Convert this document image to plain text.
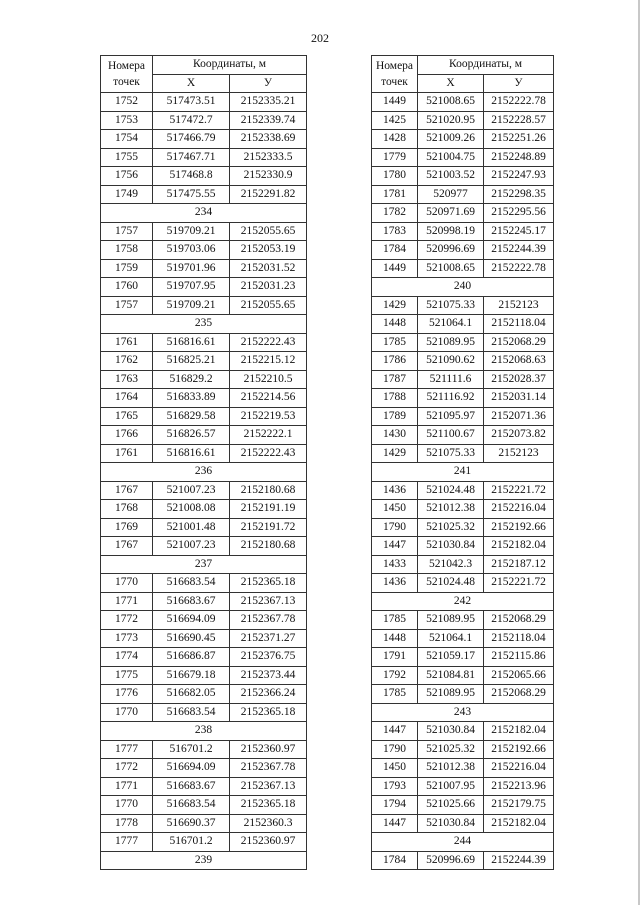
202
Номера точек	Координаты, м	
	X	У
1752	517473.51	2152335.21
1753	517472.7	2152339.74
1754	517466.79	2152338.69
1755	517467.71	2152333.5
1756	517468.8	2152330.9
1749	517475.55	2152291.82
234		
1757	519709.21	2152055.65
1758	519703.06	2152053.19
1759	519701.96	2152031.52
1760	519707.95	2152031.23
1757	519709.21	2152055.65
235		
1761	516816.61	2152222.43
1762	516825.21	2152215.12
1763	516829.2	2152210.5
1764	516833.89	2152214.56
1765	516829.58	2152219.53
1766	516826.57	2152222.1
1761	516816.61	2152222.43
236		
1767	521007.23	2152180.68
1768	521008.08	2152191.19
1769	521001.48	2152191.72
1767	521007.23	2152180.68
237		
1770	516683.54	2152365.18
1771	516683.67	2152367.13
1772	516694.09	2152367.78
1773	516690.45	2152371.27
1774	516686.87	2152376.75
1775	516679.18	2152373.44
1776	516682.05	2152366.24
1770	516683.54	2152365.18
238		
1777	516701.2	2152360.97
1772	516694.09	2152367.78
1771	516683.67	2152367.13
1770	516683.54	2152365.18
1778	516690.37	2152360.3
1777	516701.2	2152360.97
239		
Номера точек	Координаты, м	
	X	У
1449	521008.65	2152222.78
1425	521020.95	2152228.57
1428	521009.26	2152251.26
1779	521004.75	2152248.89
1780	521003.52	2152247.93
1781	520977	2152298.35
1782	520971.69	2152295.56
1783	520998.19	2152245.17
1784	520996.69	2152244.39
1449	521008.65	2152222.78
240		
1429	521075.33	2152123
1448	521064.1	2152118.04
1785	521089.95	2152068.29
1786	521090.62	2152068.63
1787	521111.6	2152028.37
1788	521116.92	2152031.14
1789	521095.97	2152071.36
1430	521100.67	2152073.82
1429	521075.33	2152123
241		
1436	521024.48	2152221.72
1450	521012.38	2152216.04
1790	521025.32	2152192.66
1447	521030.84	2152182.04
1433	521042.3	2152187.12
1436	521024.48	2152221.72
242		
1785	521089.95	2152068.29
1448	521064.1	2152118.04
1791	521059.17	2152115.86
1792	521084.81	2152065.66
1785	521089.95	2152068.29
243		
1447	521030.84	2152182.04
1790	521025.32	2152192.66
1450	521012.38	2152216.04
1793	521007.95	2152213.96
1794	521025.66	2152179.75
1447	521030.84	2152182.04
244		
1784	520996.69	2152244.39
